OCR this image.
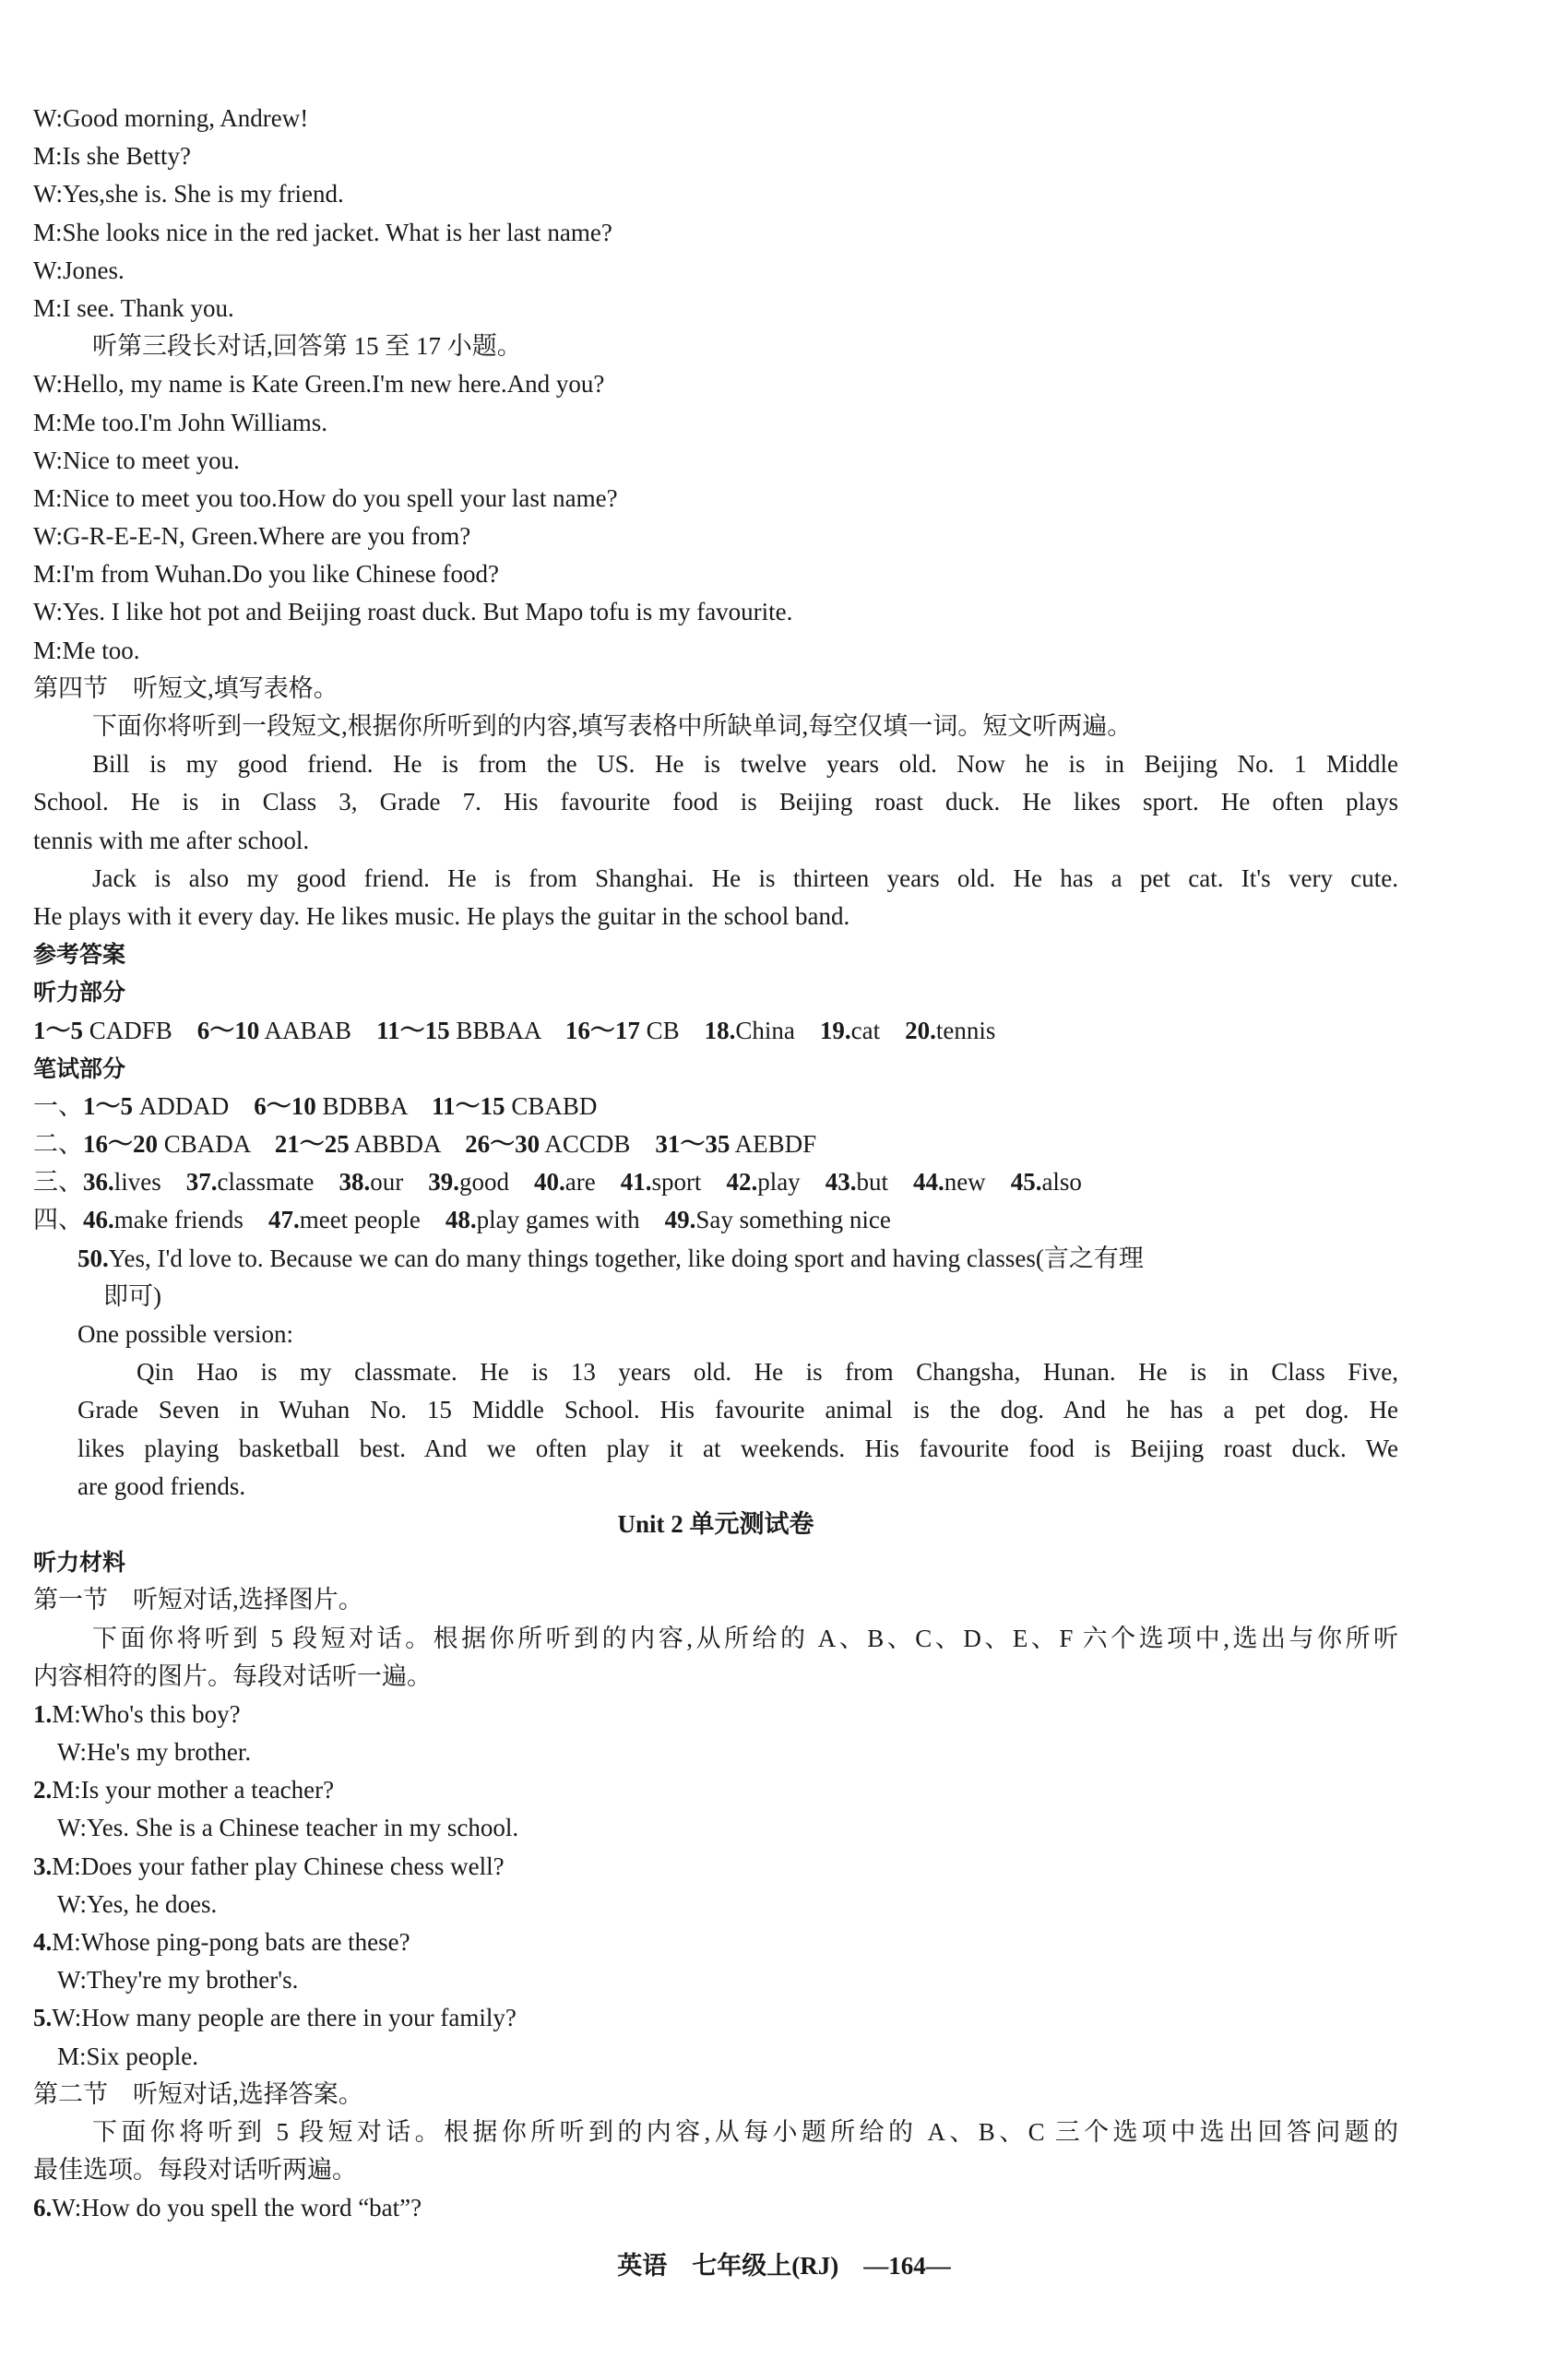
W:Good morning, Andrew!
M:Is she Betty?
W:Yes,she is. She is my friend.
M:She looks nice in the red jacket. What is her last name?
W:Jones.
M:I see. Thank you.
听第三段长对话,回答第 15 至 17 小题。
W:Hello, my name is Kate Green.I'm new here.And you?
M:Me too.I'm John Williams.
W:Nice to meet you.
M:Nice to meet you too.How do you spell your last name?
W:G-R-E-E-N, Green.Where are you from?
M:I'm from Wuhan.Do you like Chinese food?
W:Yes. I like hot pot and Beijing roast duck. But Mapo tofu is my favourite.
M:Me too.
第四节　听短文,填写表格。
下面你将听到一段短文,根据你所听到的内容,填写表格中所缺单词,每空仅填一词。短文听两遍。
Bill is my good friend. He is from the US. He is twelve years old. Now he is in Beijing No. 1 Middle
School. He is in Class 3, Grade 7. His favourite food is Beijing roast duck. He likes sport. He often plays
tennis with me after school.
Jack is also my good friend. He is from Shanghai. He is thirteen years old. He has a pet cat. It's very cute.
He plays with it every day. He likes music. He plays the guitar in the school band.
参考答案
听力部分
1～5 CADFB　6～10 AABAB　11～15 BBBAA　16～17 CB　18.China　19.cat　20.tennis
笔试部分
一、1～5 ADDAD　6～10 BDBBA　11～15 CBABD
二、16～20 CBADA　21～25 ABBDA　26～30 ACCDB　31～35 AEBDF
三、36.lives　37.classmate　38.our　39.good　40.are　41.sport　42.play　43.but　44.new　45.also
四、46.make friends　47.meet people　48.play games with　49.Say something nice
50.Yes, I'd love to. Because we can do many things together, like doing sport and having classes(言之有理
即可)
One possible version:
Qin Hao is my classmate. He is 13 years old. He is from Changsha, Hunan. He is in Class Five,
Grade Seven in Wuhan No. 15 Middle School. His favourite animal is the dog. And he has a pet dog. He
likes playing basketball best. And we often play it at weekends. His favourite food is Beijing roast duck. We
are good friends.
Unit 2 单元测试卷
听力材料
第一节　听短对话,选择图片。
下面你将听到 5 段短对话。根据你所听到的内容,从所给的 A、B、C、D、E、F 六个选项中,选出与你所听
内容相符的图片。每段对话听一遍。
1.M:Who's this boy?
W:He's my brother.
2.M:Is your mother a teacher?
W:Yes. She is a Chinese teacher in my school.
3.M:Does your father play Chinese chess well?
W:Yes, he does.
4.M:Whose ping-pong bats are these?
W:They're my brother's.
5.W:How many people are there in your family?
M:Six people.
第二节　听短对话,选择答案。
下面你将听到 5 段短对话。根据你所听到的内容,从每小题所给的 A、B、C 三个选项中选出回答问题的
最佳选项。每段对话听两遍。
6.W:How do you spell the word “bat”?
英语　 七年级上(RJ)　 —164—
